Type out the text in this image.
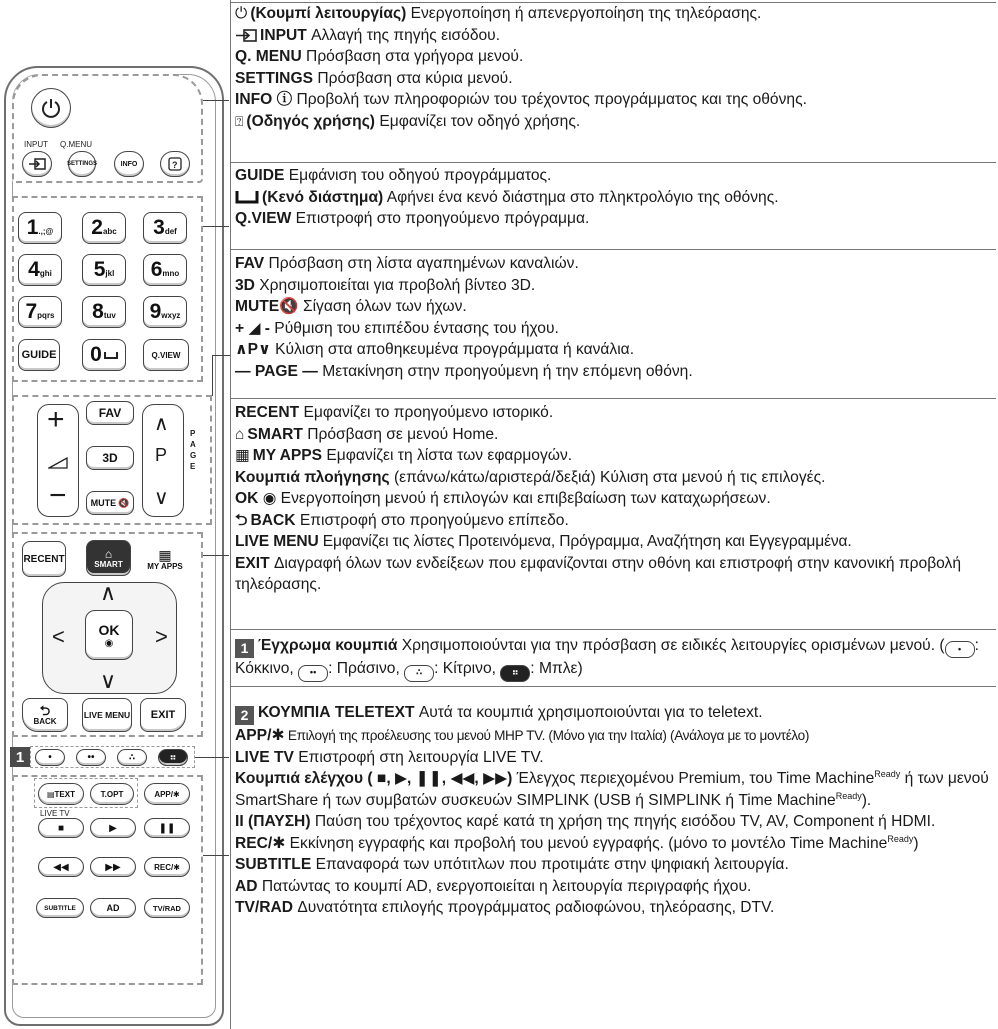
INPUT Q.MENU
SETTINGS	INFO	?
1 .,;@ 2 abc 3 def
4 ghi 5 jkl 6 mno
7 pqrs 8 tuv 9 wxyz
GUIDE 0	Q.VIEW
+
−
FAV
3D
MUTE 🔇
∧
P
∨
PAGE
RECENT	⌂
SMART
▦
MY APPS
∧
<	>
∨
OK
◉
⮌
BACK
LIVE MENU	EXIT
1	•	••	∴	⠶
▤ TEXT	T.OPT	APP/✱
LIVE TV
■	▶	❚❚
◀◀	▶▶	REC/✱
SUBTITLE	AD	TV/RAD
⏻ (Κουμπί λειτουργίας) Ενεργοποίηση ή απενεργοποίηση της τηλεόρασης.
INPUT Αλλαγή της πηγής εισόδου.
Q. MENU Πρόσβαση στα γρήγορα μενού.
SETTINGS Πρόσβαση στα κύρια μενού.
INFO ⓘ Προβολή των πληροφοριών του τρέχοντος προγράμματος και της οθόνης.
⍰ (Οδηγός χρήσης) Εμφανίζει τον οδηγό χρήσης.
GUIDE Εμφάνιση του οδηγού προγράμματος.
(Κενό διάστημα) Αφήνει ένα κενό διάστημα στο πληκτρολόγιο της οθόνης.
Q.VIEW Επιστροφή στο προηγούμενο πρόγραμμα.
FAV Πρόσβαση στη λίστα αγαπημένων καναλιών.
3D Χρησιμοποιείται για προβολή βίντεο 3D.
MUTE🔇 Σίγαση όλων των ήχων.
+ ◢ - Ρύθμιση του επιπέδου έντασης του ήχου.
∧P∨ Κύλιση στα αποθηκευμένα προγράμματα ή κανάλια.
— PAGE — Μετακίνηση στην προηγούμενη ή την επόμενη οθόνη.
RECENT Εμφανίζει το προηγούμενο ιστορικό.
⌂ SMART Πρόσβαση σε μενού Home.
▦ MY APPS Εμφανίζει τη λίστα των εφαρμογών.
Κουμπιά πλοήγησης (επάνω/κάτω/αριστερά/δεξιά) Κύλιση στα μενού ή τις επιλογές.
OK ◉ Ενεργοποίηση μενού ή επιλογών και επιβεβαίωση των καταχωρήσεων.
⮌ BACK Επιστροφή στο προηγούμενο επίπεδο.
LIVE MENU Εμφανίζει τις λίστες Προτεινόμενα, Πρόγραμμα, Αναζήτηση και Εγγεγραμμένα.
EXIT Διαγραφή όλων των ενδείξεων που εμφανίζονται στην οθόνη και επιστροφή στην κανονική προβολή τηλεόρασης.
1 Έγχρωμα κουμπιά Χρησιμοποιούνται για την πρόσβαση σε ειδικές λειτουργίες ορισμένων μενού. ( • : Κόκκινο, •• : Πράσινο, ∴ : Κίτρινο, ⠶ : Μπλε)
2 ΚΟΥΜΠΙΑ TELETEXT Αυτά τα κουμπιά χρησιμοποιούνται για το teletext.
APP/✱ Επιλογή της προέλευσης του μενού MHP TV. (Μόνο για την Ιταλία) (Ανάλογα με το μοντέλο)
LIVE TV Επιστροφή στη λειτουργία LIVE TV.
Κουμπιά ελέγχου ( ■, ▶, ❚❚, ◀◀, ▶▶) Έλεγχος περιεχομένου Premium, του Time Machine$^{Ready}$ ή των μενού SmartShare ή των συμβατών συσκευών SIMPLINK (USB ή SIMPLINK ή Time Machine$^{Ready}$).
II (ΠΑΥΣΗ) Παύση του τρέχοντος καρέ κατά τη χρήση της πηγής εισόδου TV, AV, Component ή HDMI.
REC/✱ Εκκίνηση εγγραφής και προβολή του μενού εγγραφής. (μόνο το μοντέλο Time Machine$^{Ready}$)
SUBTITLE Επαναφορά των υπότιτλων που προτιμάτε στην ψηφιακή λειτουργία.
AD Πατώντας το κουμπί AD, ενεργοποιείται η λειτουργία περιγραφής ήχου.
TV/RAD Δυνατότητα επιλογής προγράμματος ραδιοφώνου, τηλεόρασης, DTV.
